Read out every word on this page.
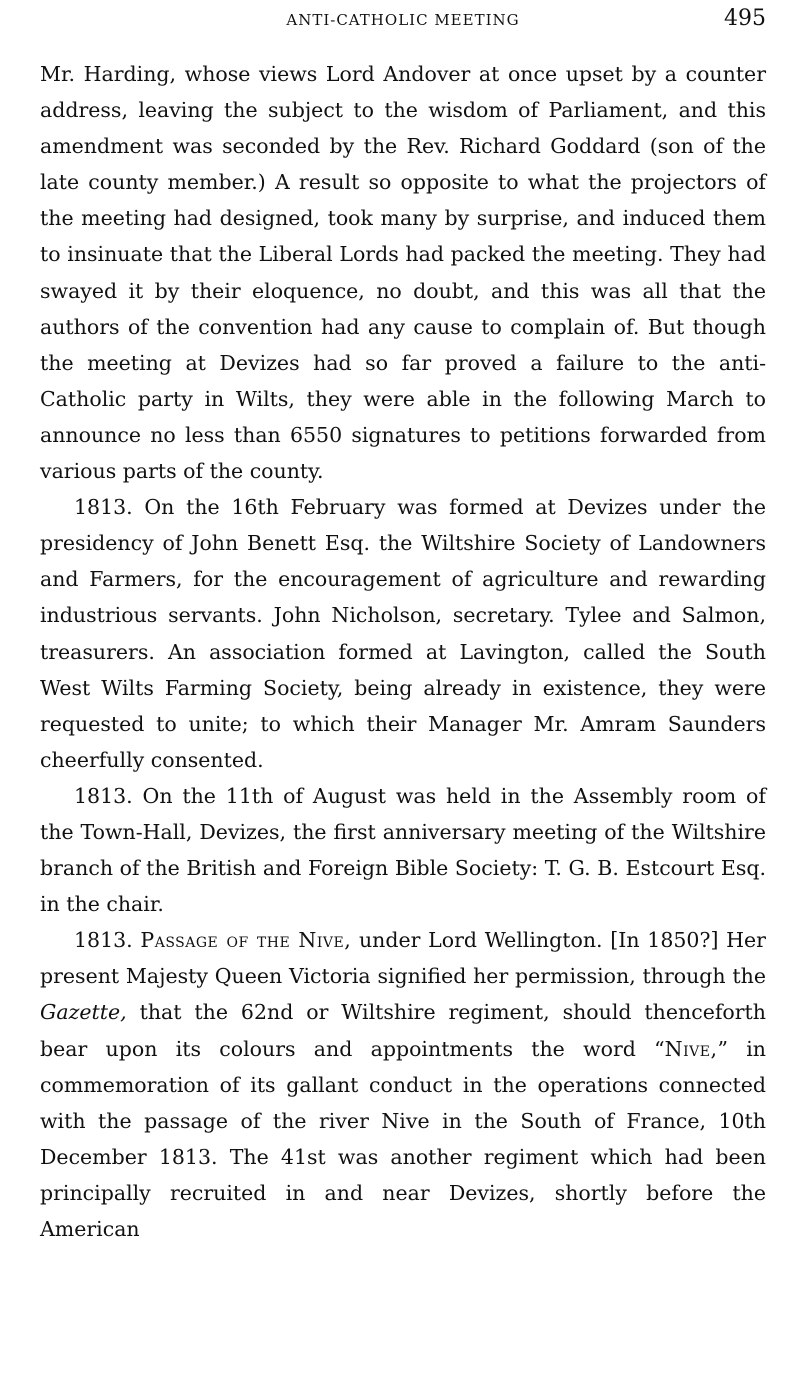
ANTI-CATHOLIC MEETING	495

Mr. Harding, whose views Lord Andover at once upset by a counter address, leaving the subject to the wisdom of Parliament, and this amendment was seconded by the Rev. Richard Goddard (son of the late county member.) A result so opposite to what the projectors of the meeting had designed, took many by surprise, and induced them to insinuate that the Liberal Lords had packed the meeting. They had swayed it by their eloquence, no doubt, and this was all that the authors of the convention had any cause to complain of. But though the meeting at Devizes had so far proved a failure to the anti-Catholic party in Wilts, they were able in the following March to announce no less than 6550 signatures to petitions forwarded from various parts of the county.

1813. On the 16th February was formed at Devizes under the presidency of John Benett Esq. the Wiltshire Society of Landowners and Farmers, for the encouragement of agriculture and rewarding industrious servants. John Nicholson, secretary. Tylee and Salmon, treasurers. An association formed at Lavington, called the South West Wilts Farming Society, being already in existence, they were requested to unite; to which their Manager Mr. Amram Saunders cheerfully consented.

1813. On the 11th of August was held in the Assembly room of the Town-Hall, Devizes, the first anniversary meeting of the Wiltshire branch of the British and Foreign Bible Society: T. G. B. Estcourt Esq. in the chair.

1813. Passage of the Nive, under Lord Wellington. [In 1850?] Her present Majesty Queen Victoria signified her permission, through the Gazette, that the 62nd or Wiltshire regiment, should thenceforth bear upon its colours and appointments the word “Nive,” in commemoration of its gallant conduct in the operations connected with the passage of the river Nive in the South of France, 10th December 1813. The 41st was another regiment which had been principally recruited in and near Devizes, shortly before the American
